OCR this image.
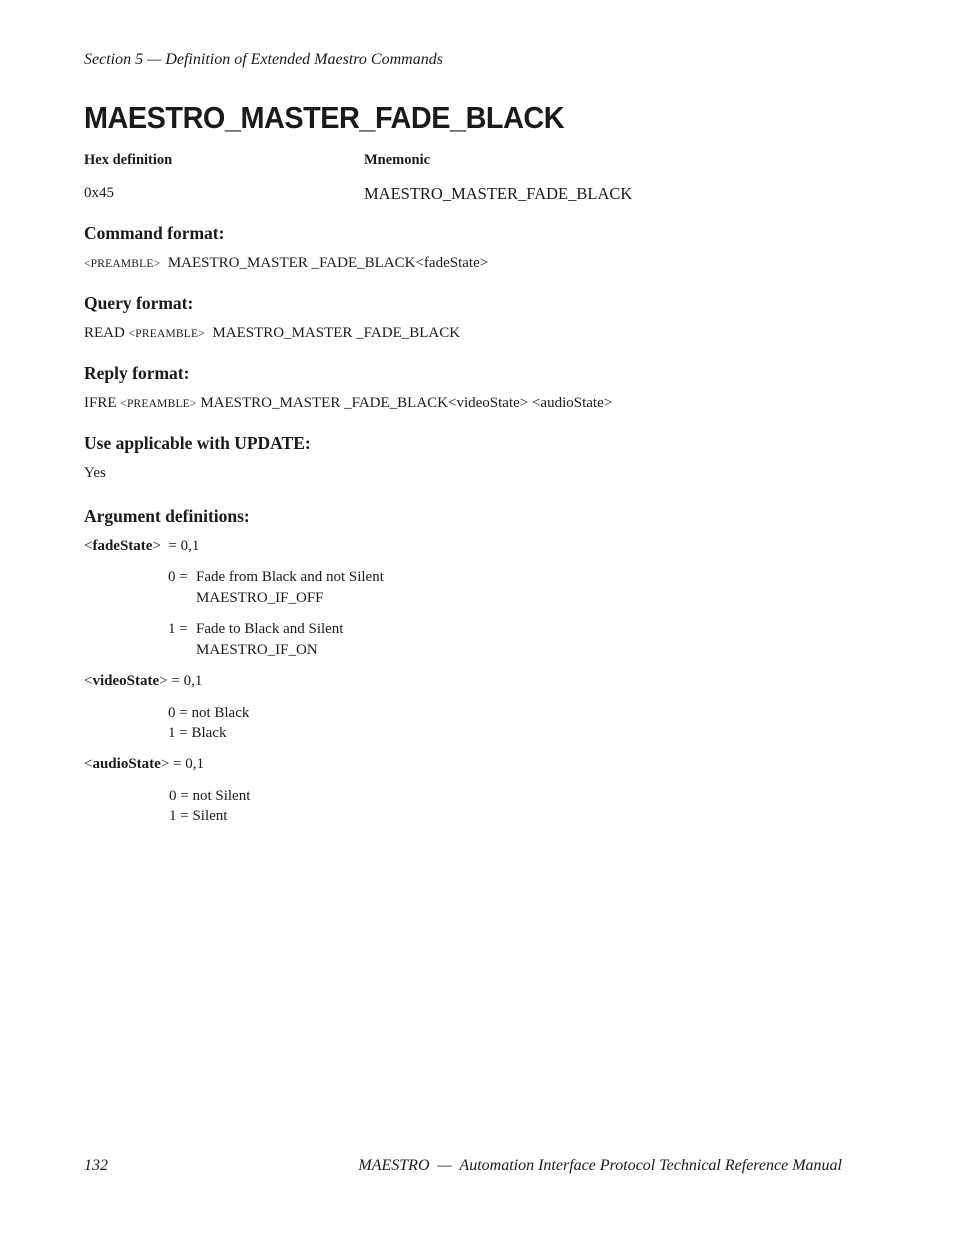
Section 5 — Definition of Extended Maestro Commands
MAESTRO_MASTER_FADE_BLACK
Hex definition	Mnemonic
0x45	MAESTRO_MASTER_FADE_BLACK
Command format:
<PREAMBLE> MAESTRO_MASTER _FADE_BLACK<fadeState>
Query format:
READ <PREAMBLE> MAESTRO_MASTER _FADE_BLACK
Reply format:
IFRE <PREAMBLE> MAESTRO_MASTER _FADE_BLACK<videoState> <audioState>
Use applicable with UPDATE:
Yes
Argument definitions:
<fadeState> = 0,1
0 = Fade from Black and not Silent
MAESTRO_IF_OFF
1 = Fade to Black and Silent
MAESTRO_IF_ON
<videoState> = 0,1
0 = not Black
1 = Black
<audioState> = 0,1
0 = not Silent
1 = Silent
132	MAESTRO  —  Automation Interface Protocol Technical Reference Manual
